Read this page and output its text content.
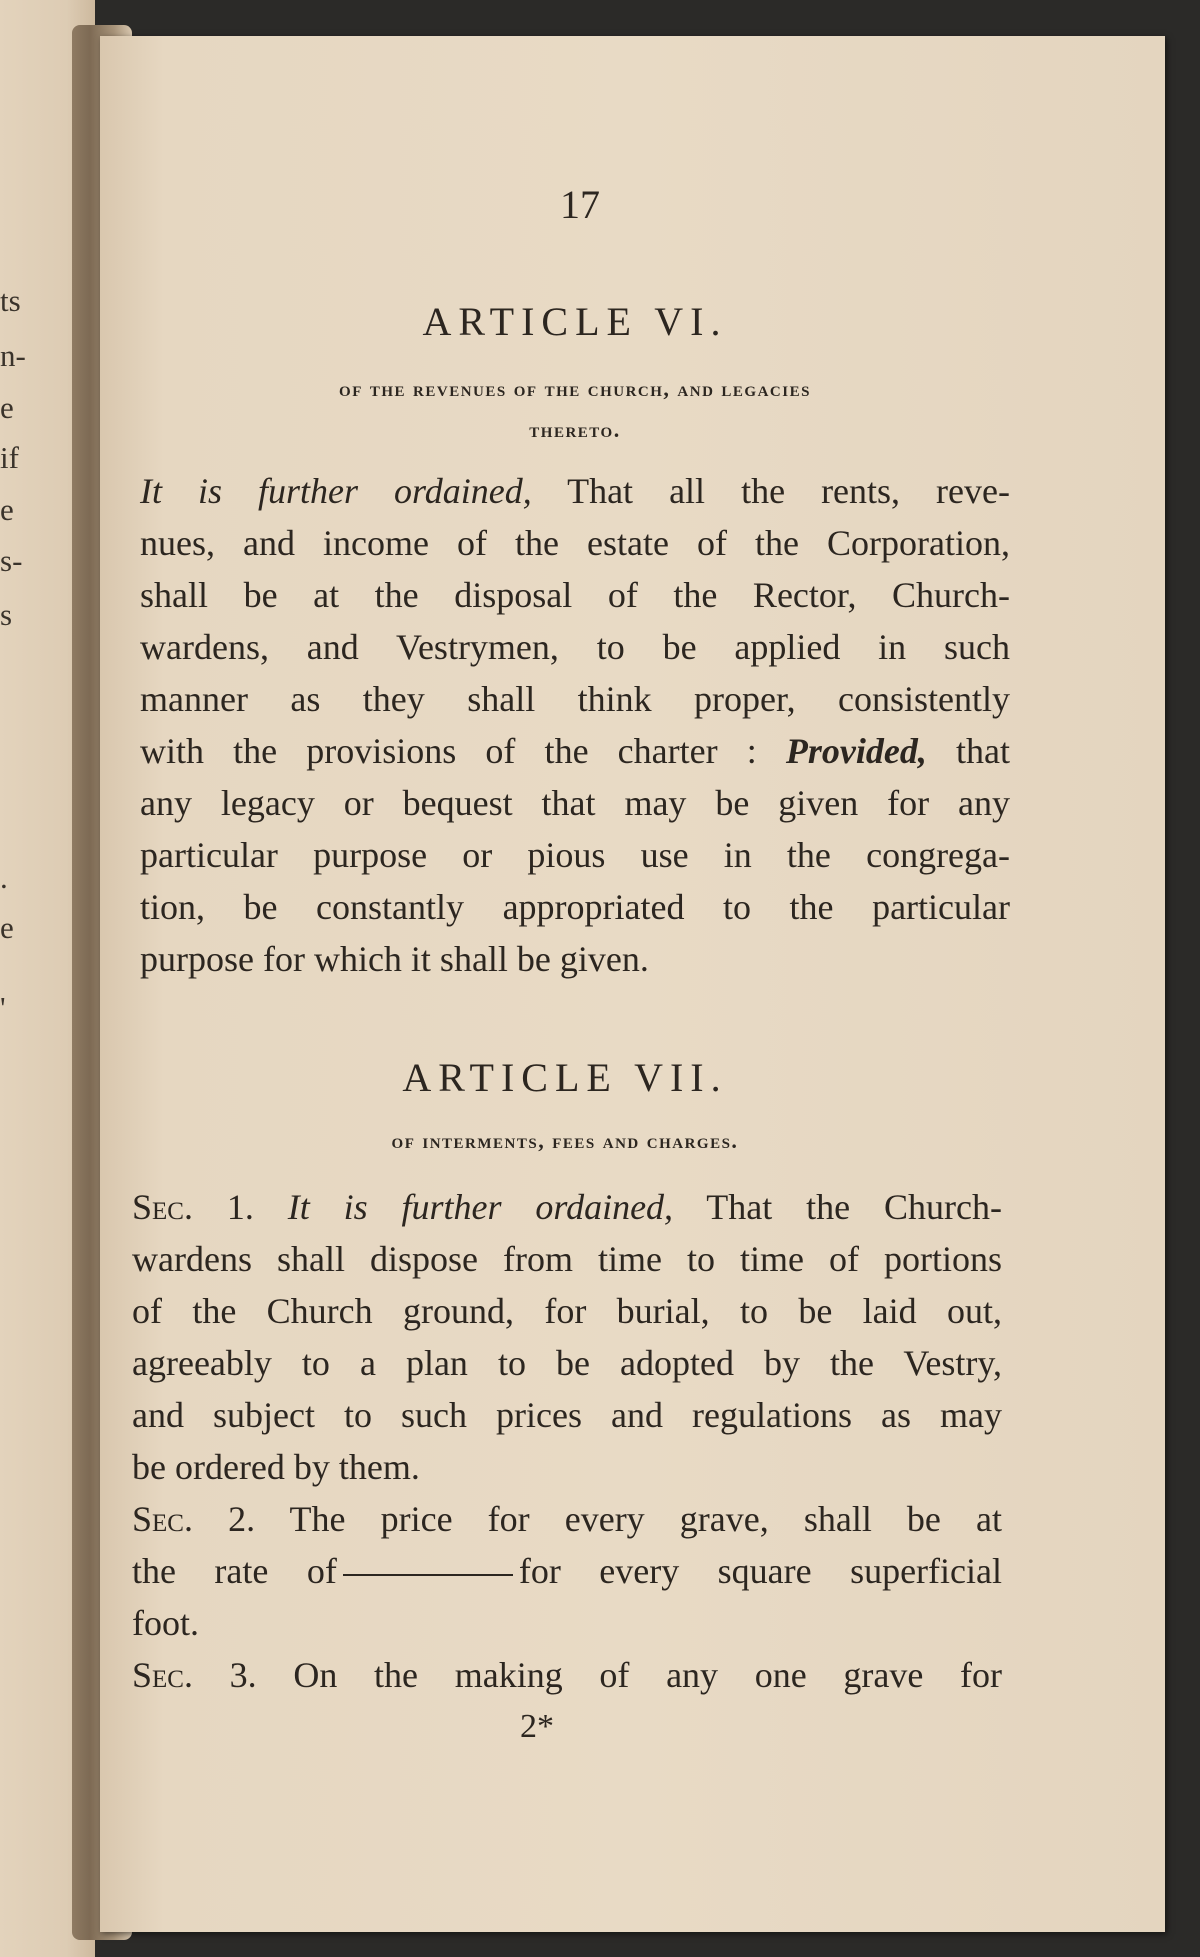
ts
n-
e
if
e
s-
s
.
e
'
17
ARTICLE VI.
of the revenues of the church, and legacies
thereto.
It is further ordained, That all the rents, reve-
nues, and income of the estate of the Corporation,
shall be at the disposal of the Rector, Church-
wardens, and Vestrymen, to be applied in such
manner as they shall think proper, consistently
with the provisions of the charter : Provided, that
any legacy or bequest that may be given for any
particular purpose or pious use in the congrega-
tion, be constantly appropriated to the particular
purpose for which it shall be given.
ARTICLE VII.
of interments, fees and charges.
Sec. 1. It is further ordained, That the Church-
wardens shall dispose from time to time of portions
of the Church ground, for burial, to be laid out,
agreeably to a plan to be adopted by the Vestry,
and subject to such prices and regulations as may
be ordered by them.
Sec. 2. The price for every grave, shall be at
the rate of	for every square superficial
foot.
Sec. 3. On the making of any one grave for
2*
